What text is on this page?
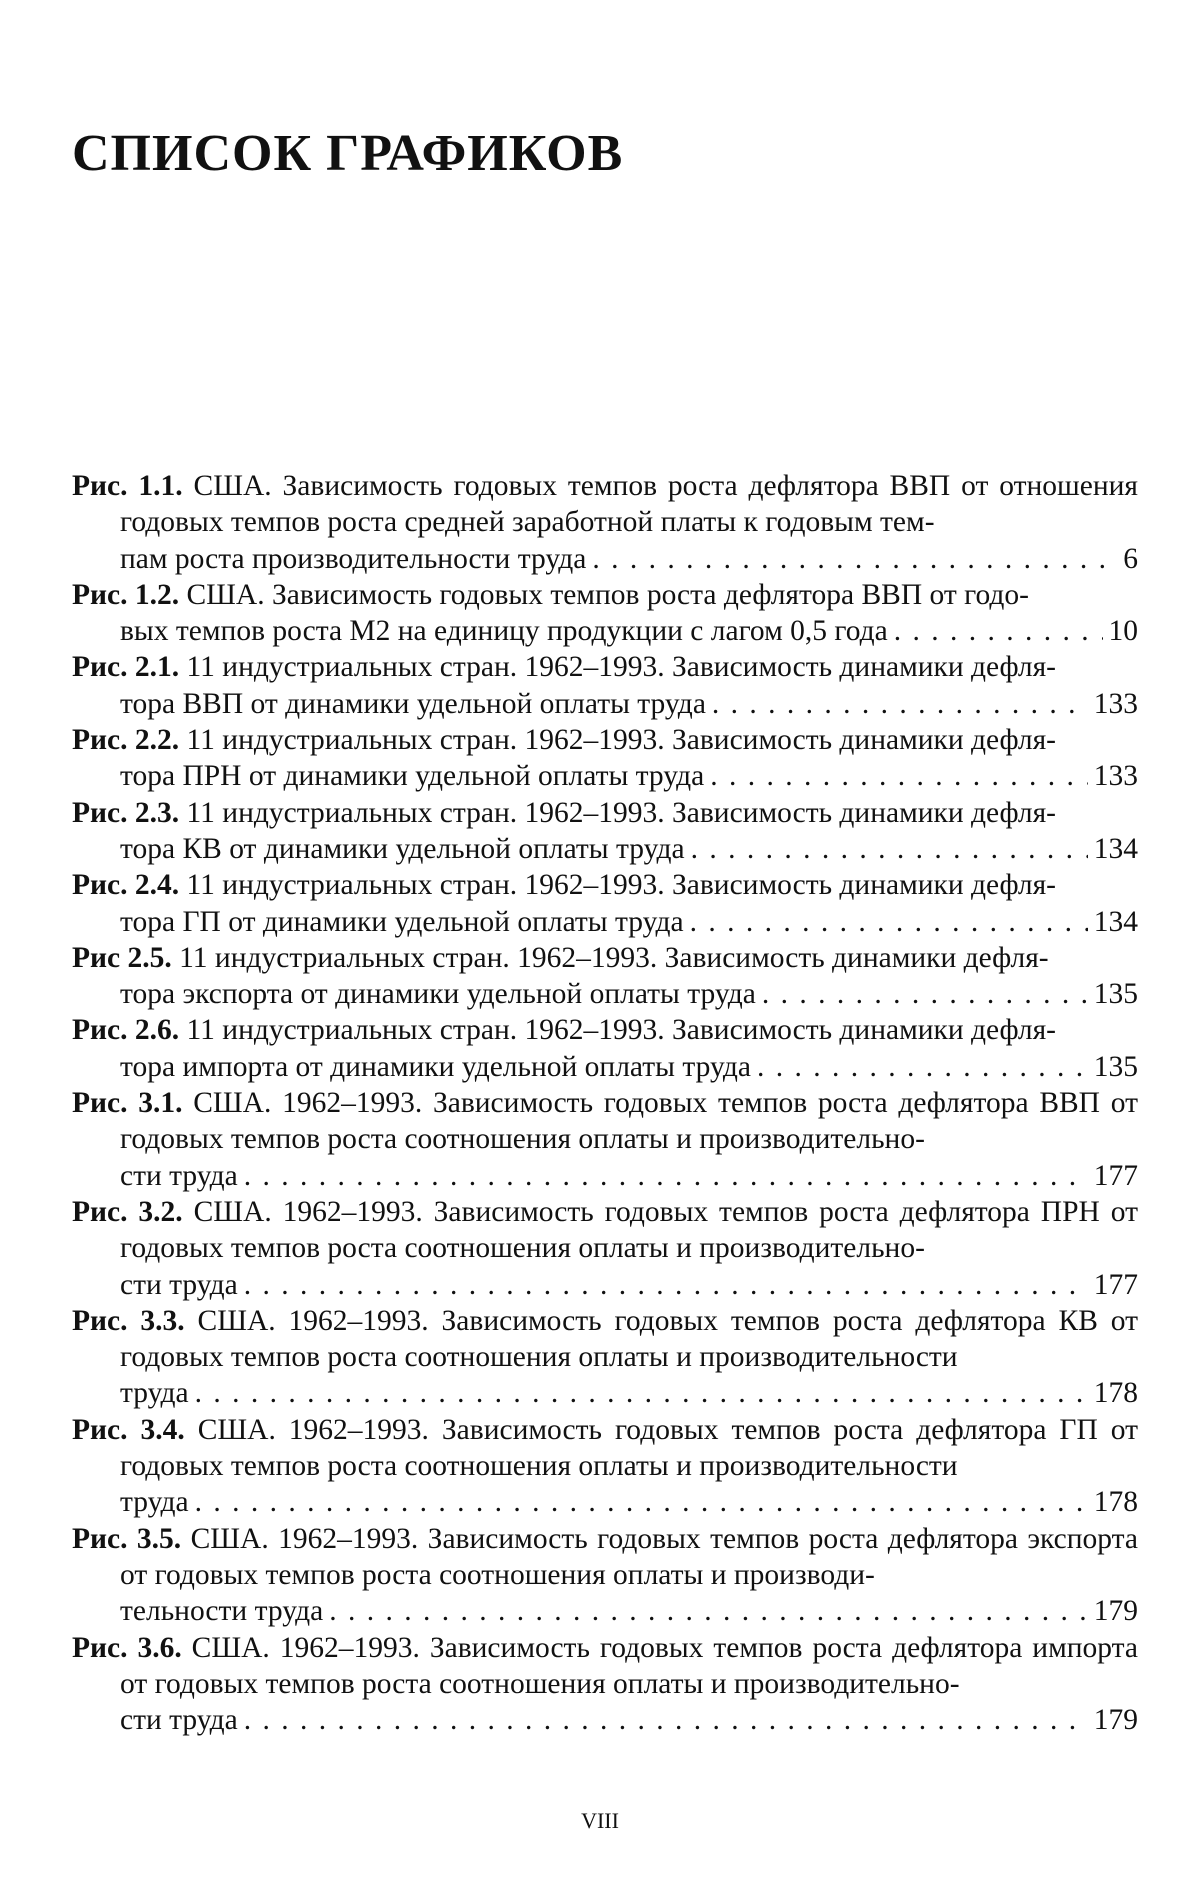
СПИСОК ГРАФИКОВ
Рис. 1.1. США. Зависимость годовых темпов роста дефлятора ВВП от отношения годовых темпов роста средней заработной платы к годовым тем-
пам роста производительности труда . . .	6
Рис. 1.2. США. Зависимость годовых темпов роста дефлятора ВВП от годо-
вых темпов роста М2 на единицу продукции с лагом 0,5 года . . .	10
Рис. 2.1. 11 индустриальных стран. 1962–1993. Зависимость динамики дефля-
тора ВВП от динамики удельной оплаты труда . . .	133
Рис. 2.2. 11 индустриальных стран. 1962–1993. Зависимость динамики дефля-
тора ПРН от динамики удельной оплаты труда . . .	133
Рис. 2.3. 11 индустриальных стран. 1962–1993. Зависимость динамики дефля-
тора КВ от динамики удельной оплаты труда . . .	134
Рис. 2.4. 11 индустриальных стран. 1962–1993. Зависимость динамики дефля-
тора ГП от динамики удельной оплаты труда . . .	134
Рис 2.5. 11 индустриальных стран. 1962–1993. Зависимость динамики дефля-
тора экспорта от динамики удельной оплаты труда . . .	135
Рис. 2.6. 11 индустриальных стран. 1962–1993. Зависимость динамики дефля-
тора импорта от динамики удельной оплаты труда . . .	135
Рис. 3.1. США. 1962–1993. Зависимость годовых темпов роста дефлятора ВВП от годовых темпов роста соотношения оплаты и производительно-
сти труда . . .	177
Рис. 3.2. США. 1962–1993. Зависимость годовых темпов роста дефлятора ПРН от годовых темпов роста соотношения оплаты и производительно-
сти труда . . .	177
Рис. 3.3. США. 1962–1993. Зависимость годовых темпов роста дефлятора КВ от годовых темпов роста соотношения оплаты и производительности
труда . . .	178
Рис. 3.4. США. 1962–1993. Зависимость годовых темпов роста дефлятора ГП от годовых темпов роста соотношения оплаты и производительности
труда . . .	178
Рис. 3.5. США. 1962–1993. Зависимость годовых темпов роста дефлятора экспорта от годовых темпов роста соотношения оплаты и производи-
тельности труда . . .	179
Рис. 3.6. США. 1962–1993. Зависимость годовых темпов роста дефлятора импорта от годовых темпов роста соотношения оплаты и производительно-
сти труда . . .	179
VIII
